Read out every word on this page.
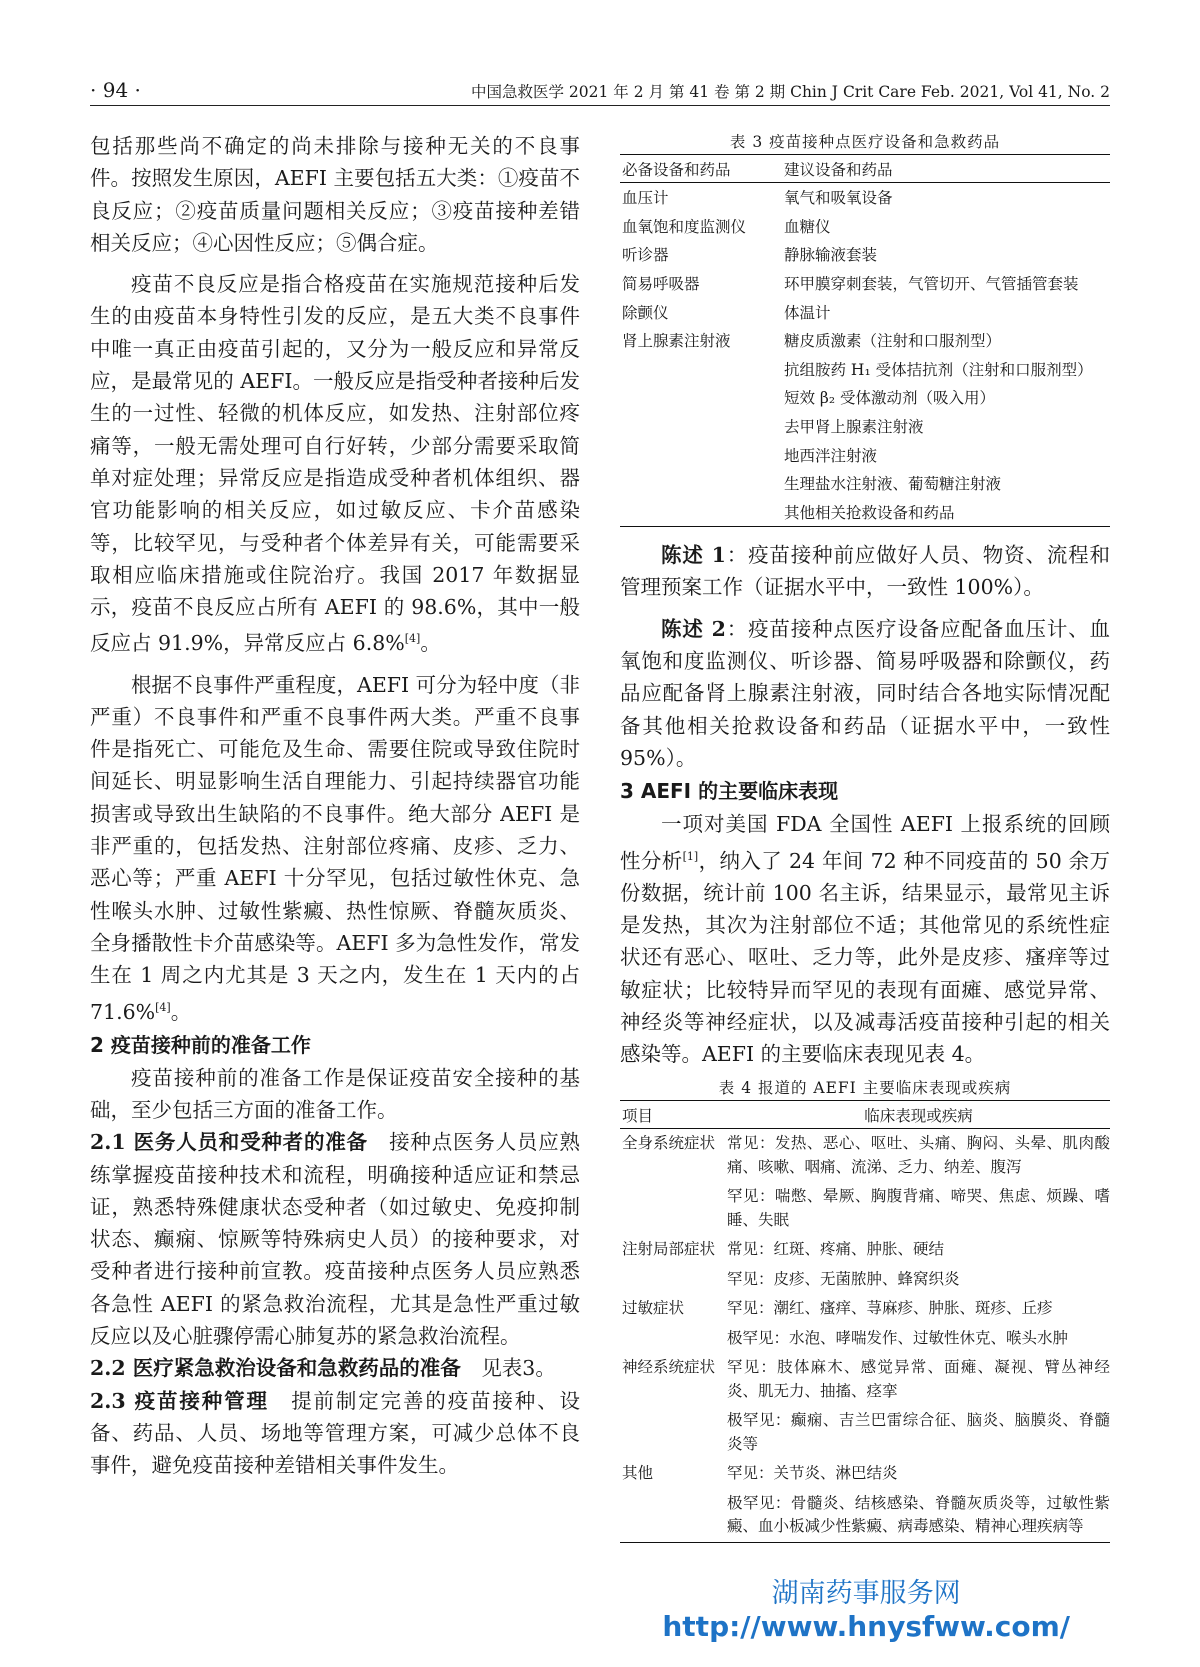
· 94 ·	中国急救医学 2021 年 2 月 第 41 卷 第 2 期 Chin J Crit Care Feb. 2021, Vol 41, No. 2

包括那些尚不确定的尚未排除与接种无关的不良事件。按照发生原因，AEFI 主要包括五大类：①疫苗不良反应；②疫苗质量问题相关反应；③疫苗接种差错相关反应；④心因性反应；⑤偶合症。

疫苗不良反应是指合格疫苗在实施规范接种后发生的由疫苗本身特性引发的反应，是五大类不良事件中唯一真正由疫苗引起的，又分为一般反应和异常反应，是最常见的 AEFI。一般反应是指受种者接种后发生的一过性、轻微的机体反应，如发热、注射部位疼痛等，一般无需处理可自行好转，少部分需要采取简单对症处理；异常反应是指造成受种者机体组织、器官功能影响的相关反应，如过敏反应、卡介苗感染等，比较罕见，与受种者个体差异有关，可能需要采取相应临床措施或住院治疗。我国 2017 年数据显示，疫苗不良反应占所有 AEFI 的 98.6%，其中一般反应占 91.9%，异常反应占 6.8%[4]。

根据不良事件严重程度，AEFI 可分为轻中度（非严重）不良事件和严重不良事件两大类。严重不良事件是指死亡、可能危及生命、需要住院或导致住院时间延长、明显影响生活自理能力、引起持续器官功能损害或导致出生缺陷的不良事件。绝大部分 AEFI 是非严重的，包括发热、注射部位疼痛、皮疹、乏力、恶心等；严重 AEFI 十分罕见，包括过敏性休克、急性喉头水肿、过敏性紫癜、热性惊厥、脊髓灰质炎、全身播散性卡介苗感染等。AEFI 多为急性发作，常发生在 1 周之内尤其是 3 天之内，发生在 1 天内的占 71.6%[4]。

2 疫苗接种前的准备工作

疫苗接种前的准备工作是保证疫苗安全接种的基础，至少包括三方面的准备工作。

2.1 医务人员和受种者的准备　 接种点医务人员应熟练掌握疫苗接种技术和流程，明确接种适应证和禁忌证，熟悉特殊健康状态受种者（如过敏史、免疫抑制状态、癫痫、惊厥等特殊病史人员）的接种要求，对受种者进行接种前宣教。疫苗接种点医务人员应熟悉各急性 AEFI 的紧急救治流程，尤其是急性严重过敏反应以及心脏骤停需心肺复苏的紧急救治流程。

2.2 医疗紧急救治设备和急救药品的准备　 见表3。

2.3 疫苗接种管理　 提前制定完善的疫苗接种、设备、药品、人员、场地等管理方案，可减少总体不良事件，避免疫苗接种差错相关事件发生。

表 3 疫苗接种点医疗设备和急救药品

必备设备和药品	建议设备和药品
血压计	氧气和吸氧设备
血氧饱和度监测仪	血糖仪
听诊器	静脉输液套装
简易呼吸器	环甲膜穿刺套装，气管切开、气管插管套装
除颤仪	体温计
肾上腺素注射液	糖皮质激素（注射和口服剂型）
	抗组胺药 H₁ 受体拮抗剂（注射和口服剂型）
	短效 β₂ 受体激动剂（吸入用）
	去甲肾上腺素注射液
	地西泮注射液
	生理盐水注射液、葡萄糖注射液
	其他相关抢救设备和药品

陈述 1：疫苗接种前应做好人员、物资、流程和管理预案工作（证据水平中，一致性 100%）。

陈述 2：疫苗接种点医疗设备应配备血压计、血氧饱和度监测仪、听诊器、简易呼吸器和除颤仪，药品应配备肾上腺素注射液，同时结合各地实际情况配备其他相关抢救设备和药品（证据水平中，一致性 95%）。

3 AEFI 的主要临床表现

一项对美国 FDA 全国性 AEFI 上报系统的回顾性分析[1]，纳入了 24 年间 72 种不同疫苗的 50 余万份数据，统计前 100 名主诉，结果显示，最常见主诉是发热，其次为注射部位不适；其他常见的系统性症状还有恶心、呕吐、乏力等，此外是皮疹、瘙痒等过敏症状；比较特异而罕见的表现有面瘫、感觉异常、神经炎等神经症状，以及减毒活疫苗接种引起的相关感染等。AEFI 的主要临床表现见表 4。

表 4 报道的 AEFI 主要临床表现或疾病

项目	临床表现或疾病
全身系统症状	常见：发热、恶心、呕吐、头痛、胸闷、头晕、肌肉酸痛、咳嗽、咽痛、流涕、乏力、纳差、腹泻
	罕见：喘憋、晕厥、胸腹背痛、啼哭、焦虑、烦躁、嗜睡、失眠
注射局部症状	常见：红斑、疼痛、肿胀、硬结
	罕见：皮疹、无菌脓肿、蜂窝织炎
过敏症状	罕见：潮红、瘙痒、荨麻疹、肿胀、斑疹、丘疹
	极罕见：水泡、哮喘发作、过敏性休克、喉头水肿
神经系统症状	罕见：肢体麻木、感觉异常、面瘫、凝视、臂丛神经炎、肌无力、抽搐、痉挛
	极罕见：癫痫、吉兰巴雷综合征、脑炎、脑膜炎、脊髓炎等
其他	罕见：关节炎、淋巴结炎
	极罕见：骨髓炎、结核感染、脊髓灰质炎等，过敏性紫癜、血小板减少性紫癜、病毒感染、精神心理疾病等
湖南药事服务网
http://www.hnysfww.com/
